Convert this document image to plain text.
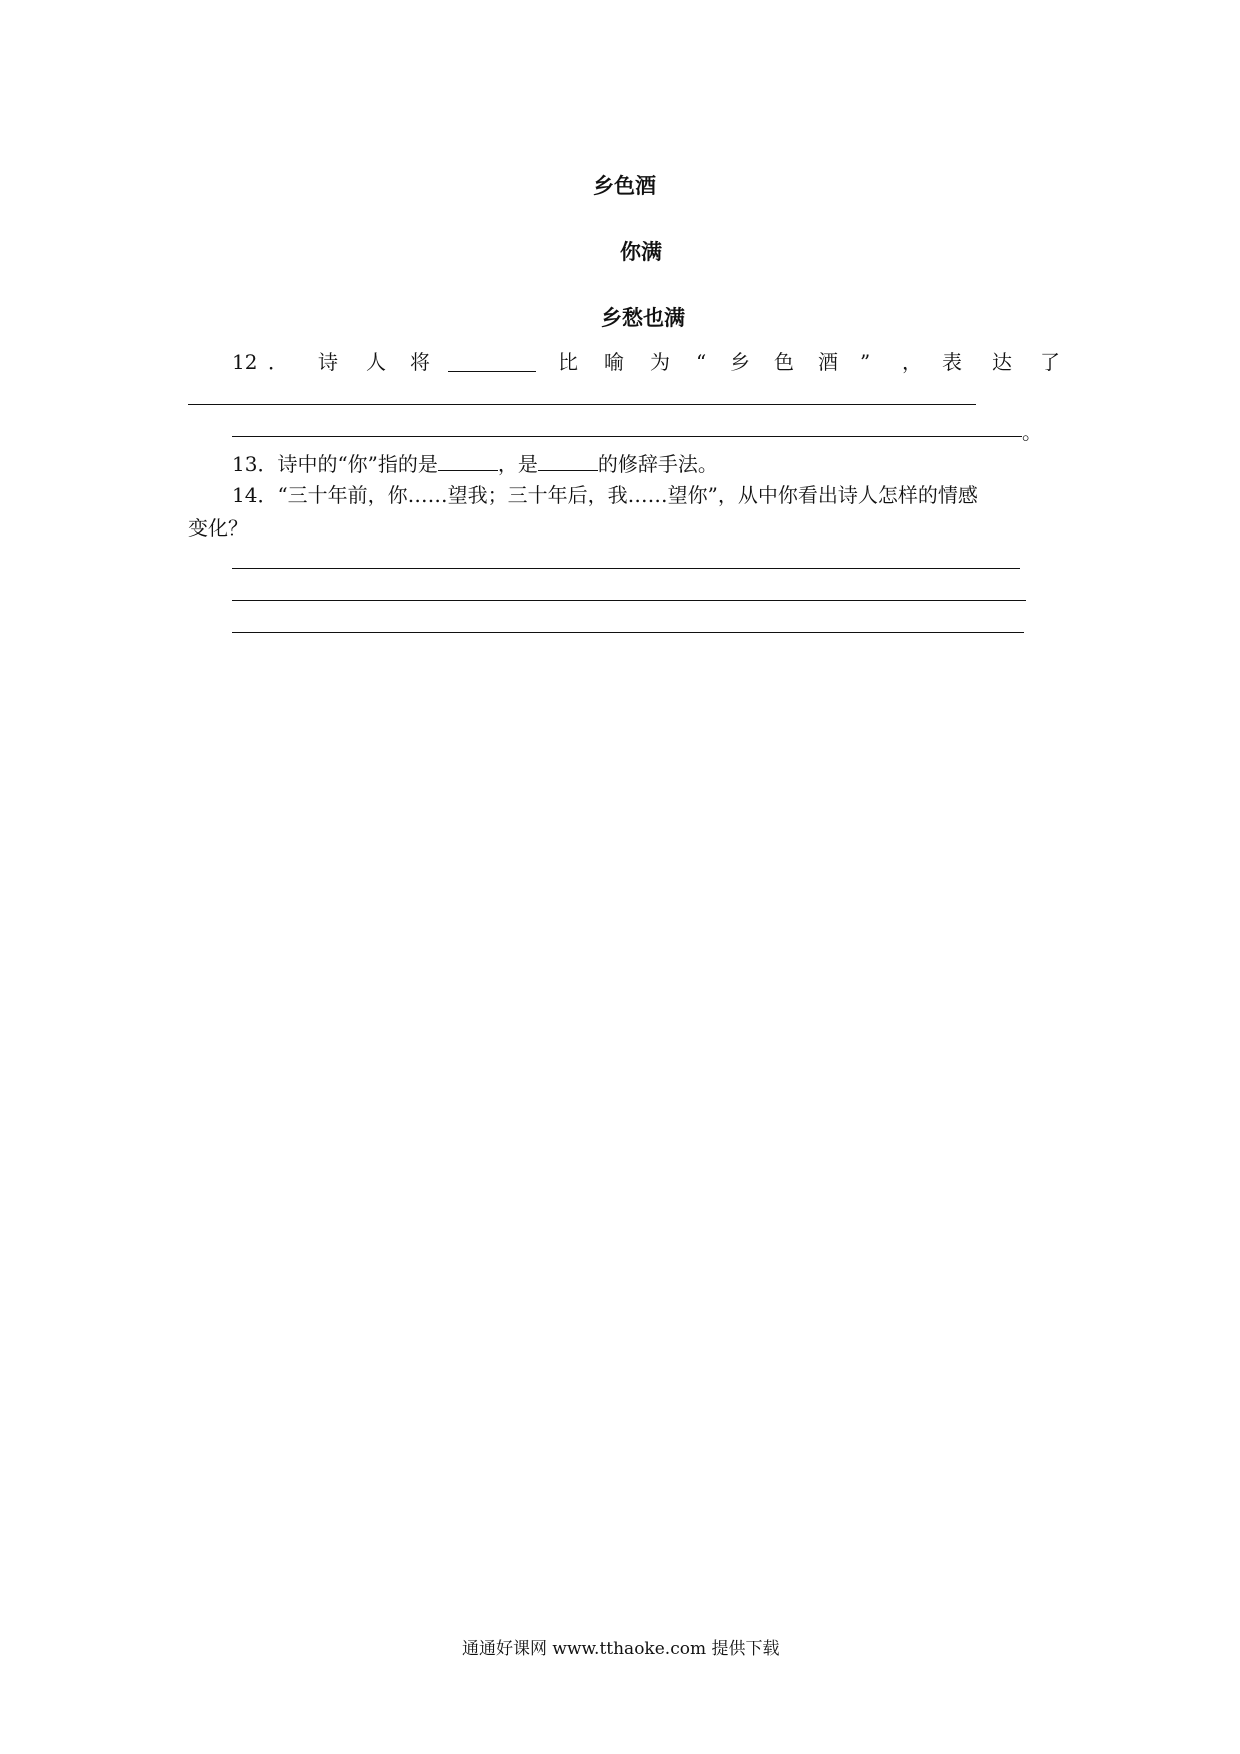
乡色酒
你满
乡愁也满
12 ． 诗 人 将	比 喻 为 “ 乡 色 酒 ” ， 表 达 了
。
13．诗中的“你”指的是	，是	的修辞手法。
14．“三十年前，你……望我；三十年后，我……望你”，从中你看出诗人怎样的情感
变化？
通通好课网 www.tthaoke.com 提供下载
